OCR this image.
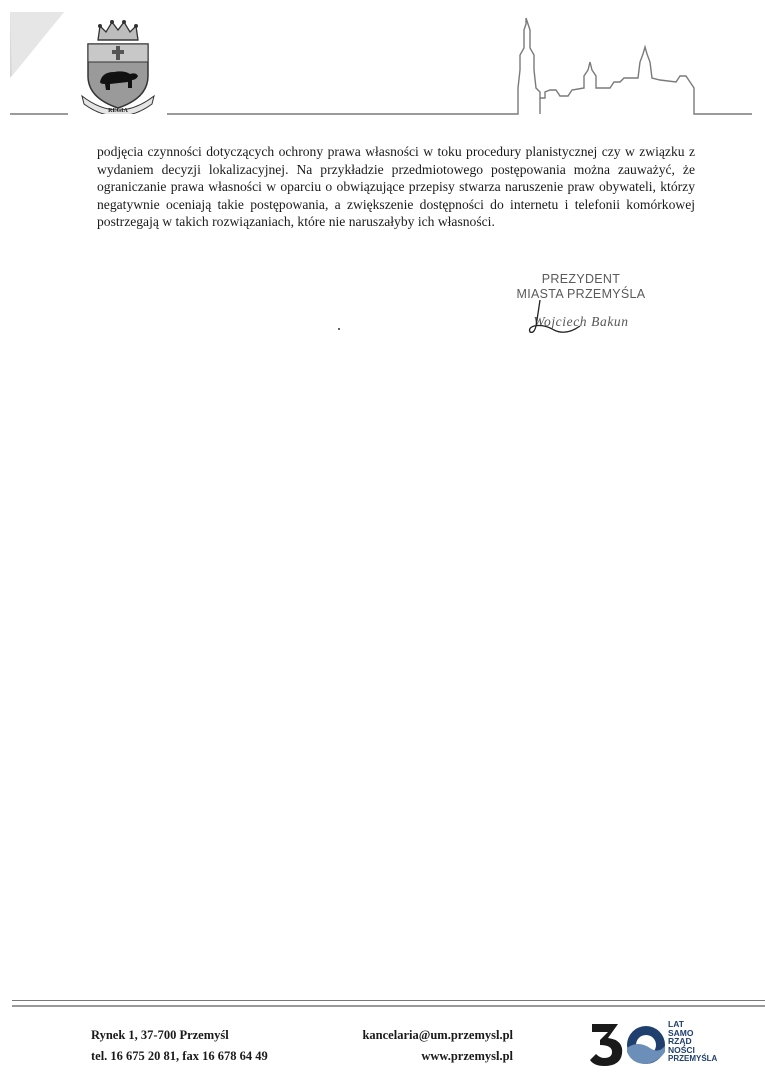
REGIA

podjęcia czynności dotyczących ochrony prawa własności w toku procedury planistycznej czy w związku z wydaniem decyzji lokalizacyjnej. Na przykładzie przedmiotowego postępowania można zauważyć, że ograniczanie prawa własności w oparciu o obwiązujące przepisy stwarza naruszenie praw obywateli, którzy negatywnie oceniają takie postępowania, a zwiększenie dostępności do internetu i telefonii komórkowej postrzegają w takich rozwiązaniach, które nie naruszałyby ich własności.

PREZYDENT
MIASTA PRZEMYŚLA
Wojciech Bakun
Rynek 1, 37-700 Przemyśl
tel. 16 675 20 81, fax 16 678 64 49
kancelaria@um.przemysl.pl
www.przemysl.pl
LAT
SAMO
RZĄD
NOŚCI
PRZEMYŚLA
